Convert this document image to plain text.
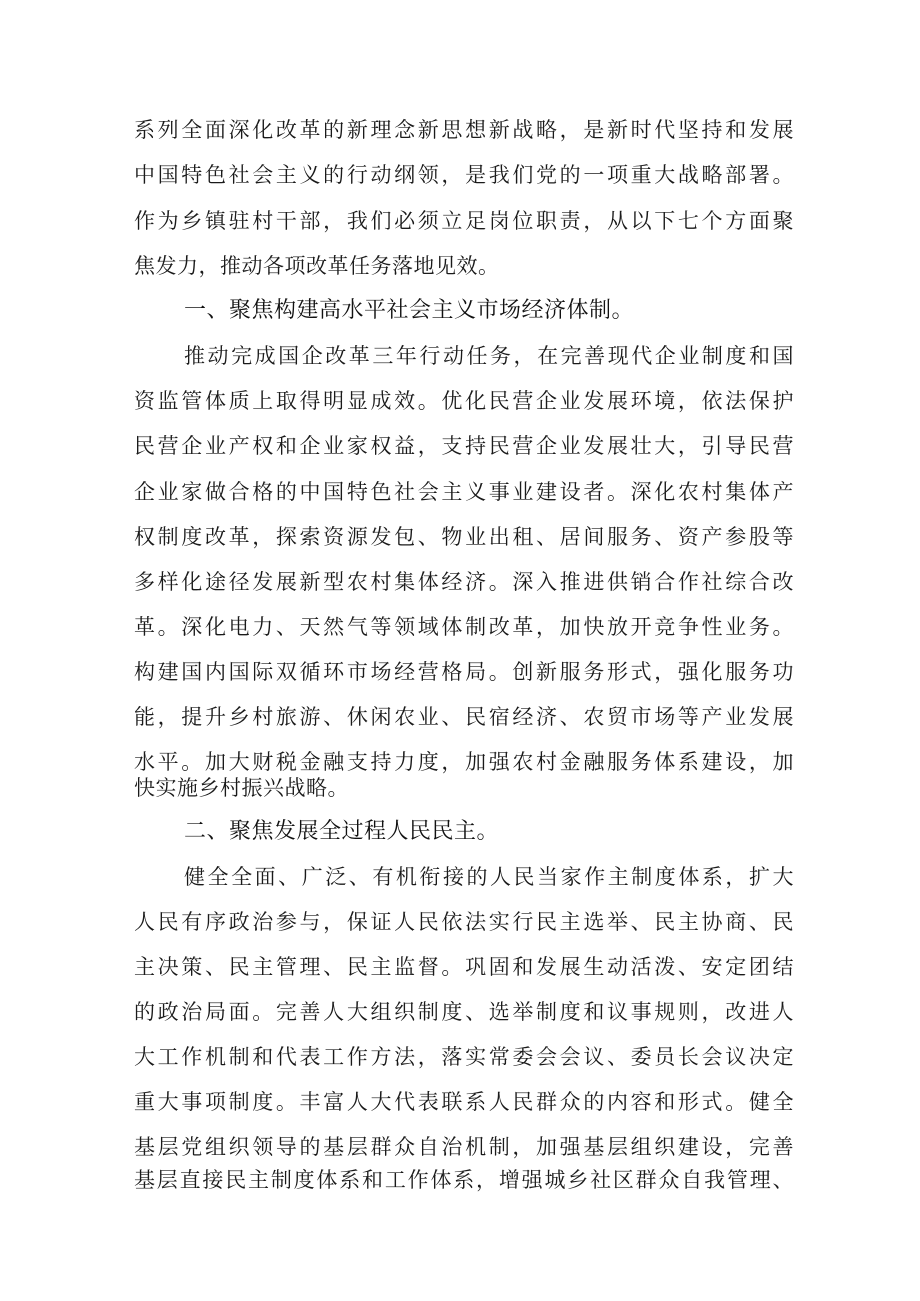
系列全面深化改革的新理念新思想新战略，是新时代坚持和发展
中国特色社会主义的行动纲领，是我们党的一项重大战略部署。
作为乡镇驻村干部，我们必须立足岗位职责，从以下七个方面聚
焦发力，推动各项改革任务落地见效。
一、聚焦构建高水平社会主义市场经济体制。
推动完成国企改革三年行动任务，在完善现代企业制度和国
资监管体质上取得明显成效。优化民营企业发展环境，依法保护
民营企业产权和企业家权益，支持民营企业发展壮大，引导民营
企业家做合格的中国特色社会主义事业建设者。深化农村集体产
权制度改革，探索资源发包、物业出租、居间服务、资产参股等
多样化途径发展新型农村集体经济。深入推进供销合作社综合改
革。深化电力、天然气等领域体制改革，加快放开竞争性业务。
构建国内国际双循环市场经营格局。创新服务形式，强化服务功
能，提升乡村旅游、休闲农业、民宿经济、农贸市场等产业发展
水平。加大财税金融支持力度，加强农村金融服务体系建设，加
快实施乡村振兴战略。
二、聚焦发展全过程人民民主。
健全全面、广泛、有机衔接的人民当家作主制度体系，扩大
人民有序政治参与，保证人民依法实行民主选举、民主协商、民
主决策、民主管理、民主监督。巩固和发展生动活泼、安定团结
的政治局面。完善人大组织制度、选举制度和议事规则，改进人
大工作机制和代表工作方法，落实常委会会议、委员长会议决定
重大事项制度。丰富人大代表联系人民群众的内容和形式。健全
基层党组织领导的基层群众自治机制，加强基层组织建设，完善
基层直接民主制度体系和工作体系，增强城乡社区群众自我管理、
